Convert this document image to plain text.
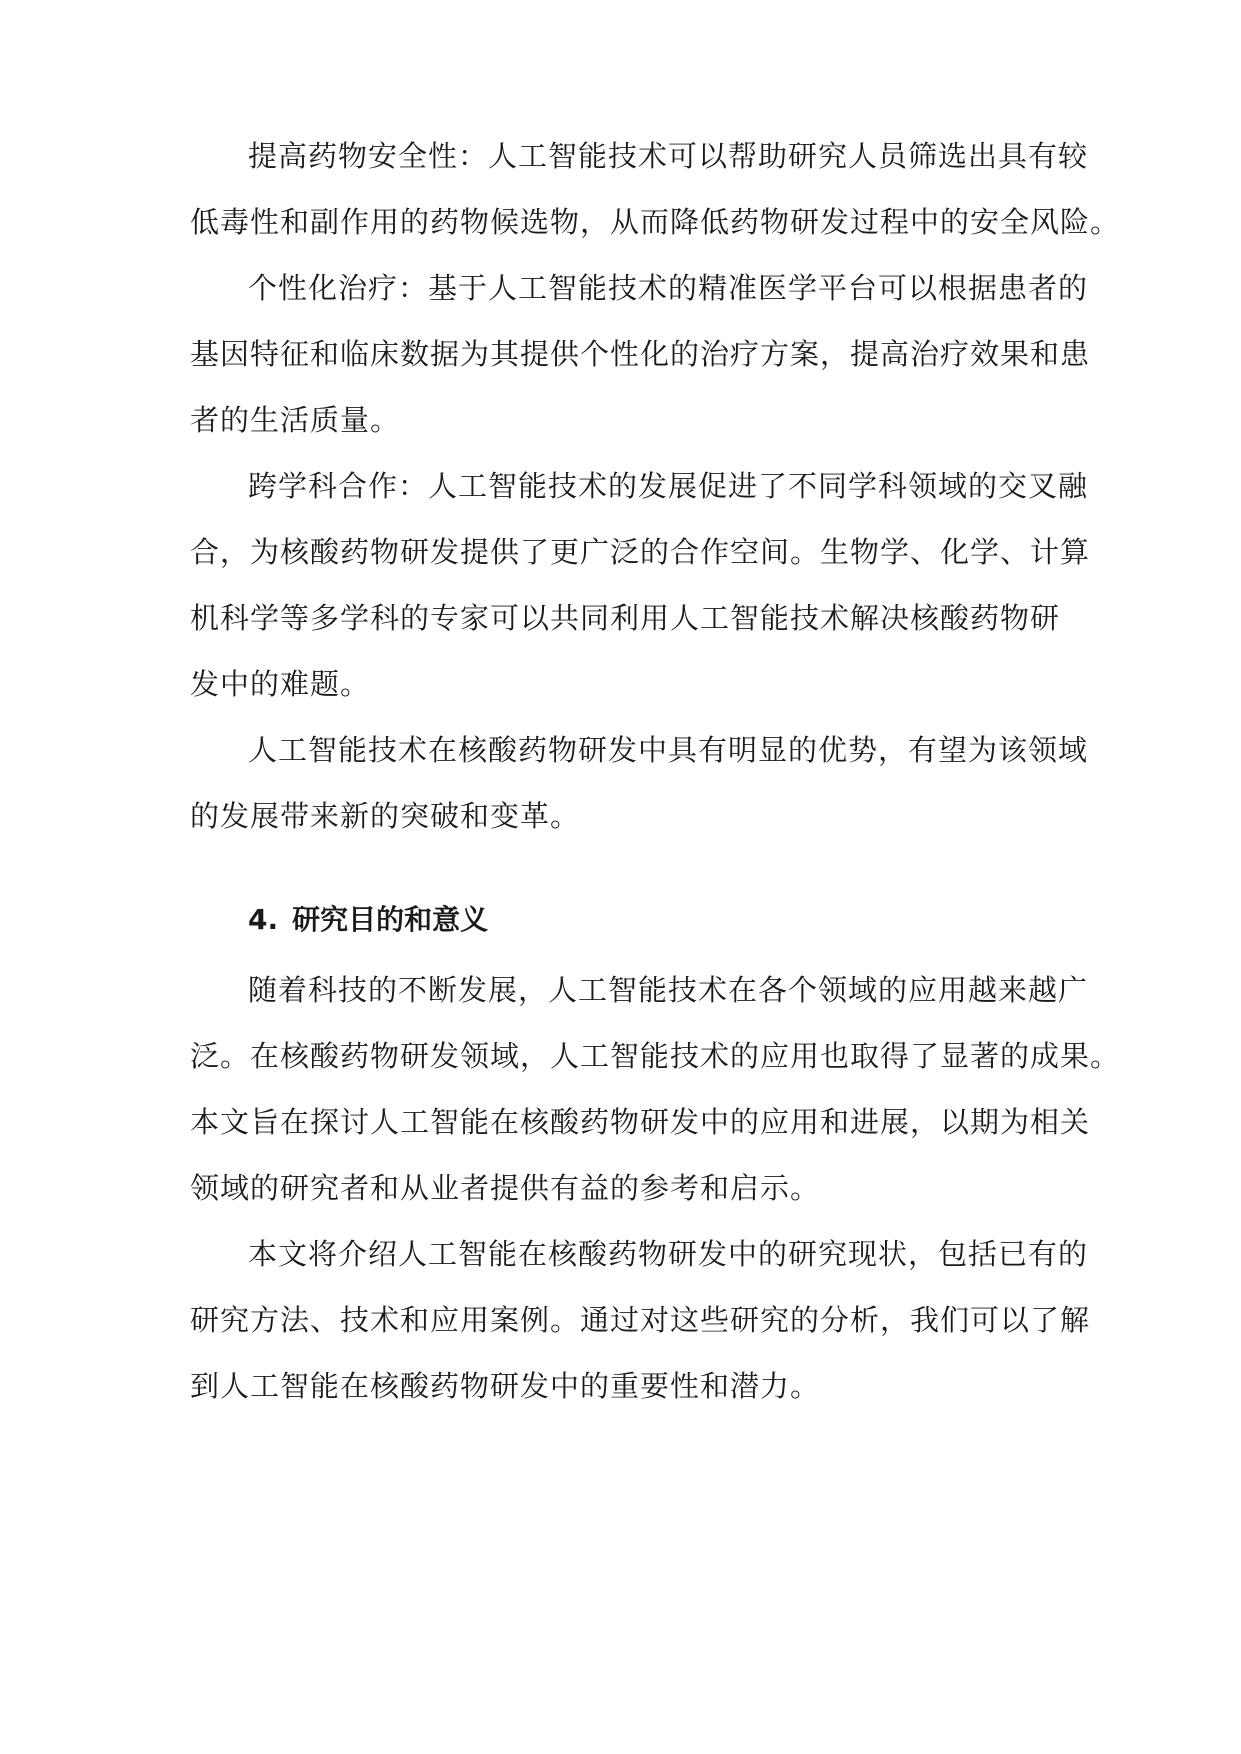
提高药物安全性：人工智能技术可以帮助研究人员筛选出具有较
低毒性和副作用的药物候选物，从而降低药物研发过程中的安全风险。
个性化治疗：基于人工智能技术的精准医学平台可以根据患者的
基因特征和临床数据为其提供个性化的治疗方案，提高治疗效果和患
者的生活质量。
跨学科合作：人工智能技术的发展促进了不同学科领域的交叉融
合，为核酸药物研发提供了更广泛的合作空间。生物学、化学、计算
机科学等多学科的专家可以共同利用人工智能技术解决核酸药物研
发中的难题。
人工智能技术在核酸药物研发中具有明显的优势，有望为该领域
的发展带来新的突破和变革。
4. 研究目的和意义
随着科技的不断发展，人工智能技术在各个领域的应用越来越广
泛。在核酸药物研发领域，人工智能技术的应用也取得了显著的成果。
本文旨在探讨人工智能在核酸药物研发中的应用和进展，以期为相关
领域的研究者和从业者提供有益的参考和启示。
本文将介绍人工智能在核酸药物研发中的研究现状，包括已有的
研究方法、技术和应用案例。通过对这些研究的分析，我们可以了解
到人工智能在核酸药物研发中的重要性和潜力。
